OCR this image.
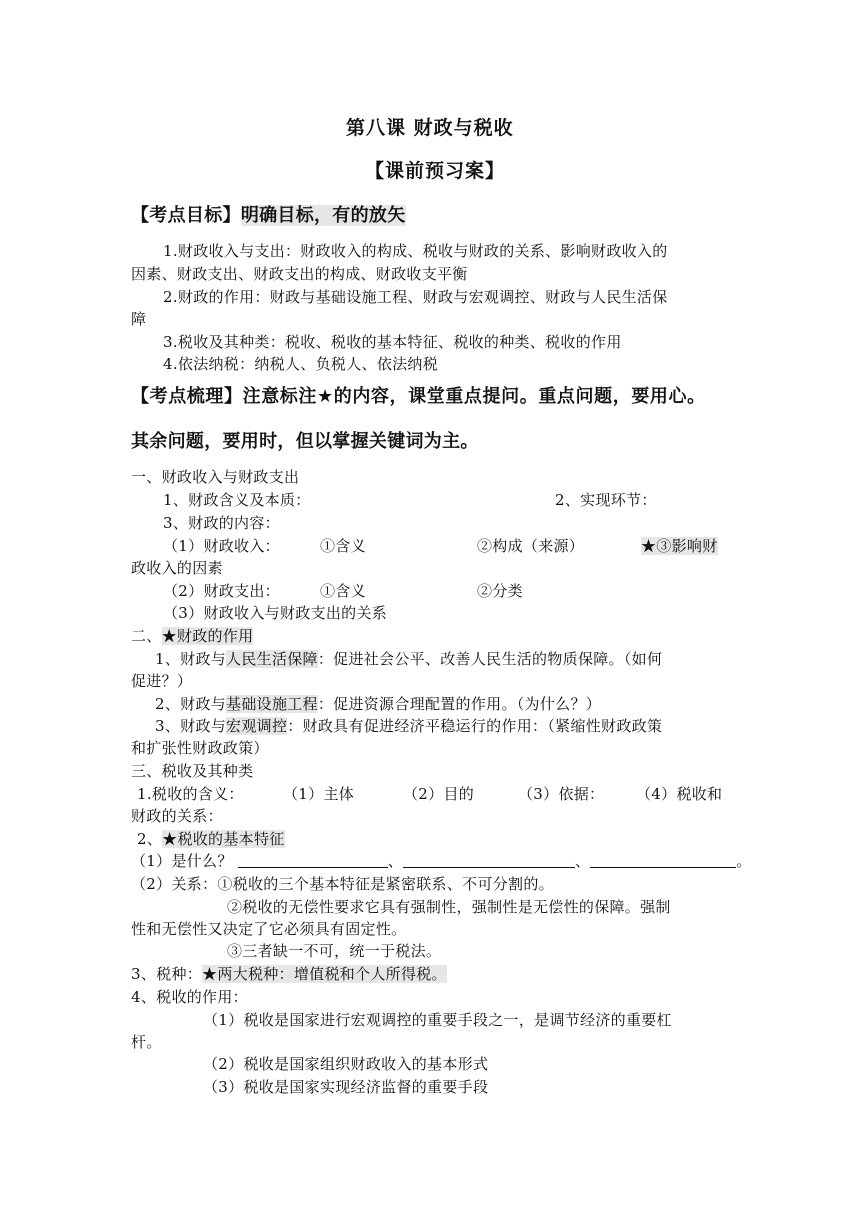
第八课 财政与税收
【课前预习案】
【考点目标】明确目标，有的放矢
1.财政收入与支出：财政收入的构成、税收与财政的关系、影响财政收入的
因素、财政支出、财政支出的构成、财政收支平衡
2.财政的作用：财政与基础设施工程、财政与宏观调控、财政与人民生活保
障
3.税收及其种类：税收、税收的基本特征、税收的种类、税收的作用
4.依法纳税：纳税人、负税人、依法纳税
【考点梳理】注意标注★的内容，课堂重点提问。重点问题，要用心。
其余问题，要用时，但以掌握关键词为主。
一、财政收入与财政支出
1、财政含义及本质：	2、实现环节：
3、财政的内容：
（1）财政收入：	①含义	②构成（来源）	★③影响财
政收入的因素
（2）财政支出：	①含义	②分类
（3）财政收入与财政支出的关系
二、★财政的作用
1、财政与人民生活保障：促进社会公平、改善人民生活的物质保障。（如何
促进？）
2、财政与基础设施工程：促进资源合理配置的作用。（为什么？）
3、财政与宏观调控：财政具有促进经济平稳运行的作用：（紧缩性财政政策
和扩张性财政政策）
三、税收及其种类
1.税收的含义：	（1）主体	（2）目的	（3）依据： （4）税收和
财政的关系：
2、★税收的基本特征
（1）是什么？	、	、	。
（2）关系：①税收的三个基本特征是紧密联系、不可分割的。
②税收的无偿性要求它具有强制性，强制性是无偿性的保障。强制
性和无偿性又决定了它必须具有固定性。
③三者缺一不可，统一于税法。
3、税种：★两大税种：增值税和个人所得税。
4、税收的作用：
（1）税收是国家进行宏观调控的重要手段之一，是调节经济的重要杠
杆。
（2）税收是国家组织财政收入的基本形式
（3）税收是国家实现经济监督的重要手段
